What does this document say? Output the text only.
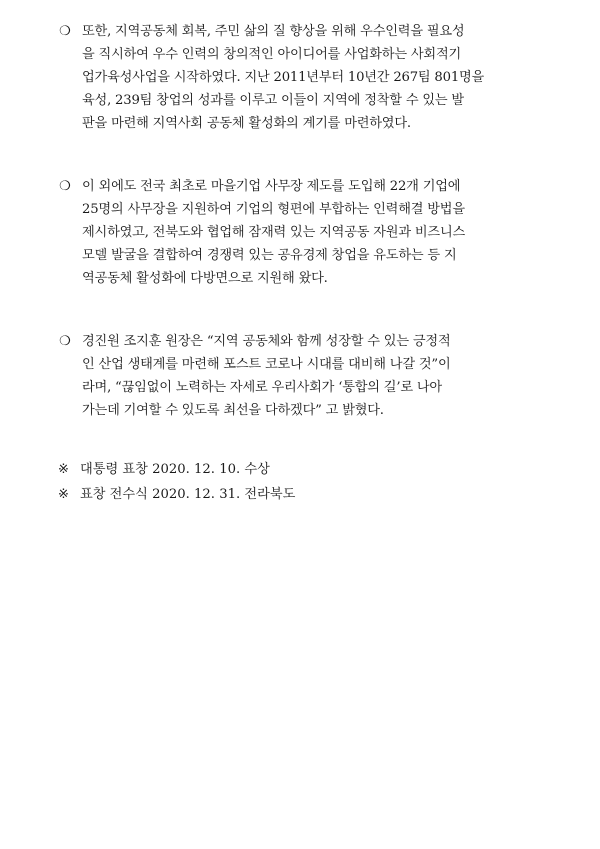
❍ 또한, 지역공동체 회복, 주민 삶의 질 향상을 위해 우수인력을 필요성
을 직시하여 우수 인력의 창의적인 아이디어를 사업화하는 사회적기
업가육성사업을 시작하였다. 지난 2011년부터 10년간 267팀 801명을
육성, 239팀 창업의 성과를 이루고 이들이 지역에 정착할 수 있는 발
판을 마련해 지역사회 공동체 활성화의 계기를 마련하였다.
❍ 이 외에도 전국 최초로 마을기업 사무장 제도를 도입해 22개 기업에
25명의 사무장을 지원하여 기업의 형편에 부합하는 인력해결 방법을
제시하였고, 전북도와 협업해 잠재력 있는 지역공동 자원과 비즈니스
모델 발굴을 결합하여 경쟁력 있는 공유경제 창업을 유도하는 등 지
역공동체 활성화에 다방면으로 지원해 왔다.
❍ 경진원 조지훈 원장은 “지역 공동체와 함께 성장할 수 있는 긍정적
인 산업 생태계를 마련해 포스트 코로나 시대를 대비해 나갈 것”이
라며, “끊임없이 노력하는 자세로 우리사회가 ‘통합의 길’로 나아
가는데 기여할 수 있도록 최선을 다하겠다” 고 밝혔다.
※ 대통령 표창 2020. 12. 10. 수상
※ 표창 전수식 2020. 12. 31. 전라북도
